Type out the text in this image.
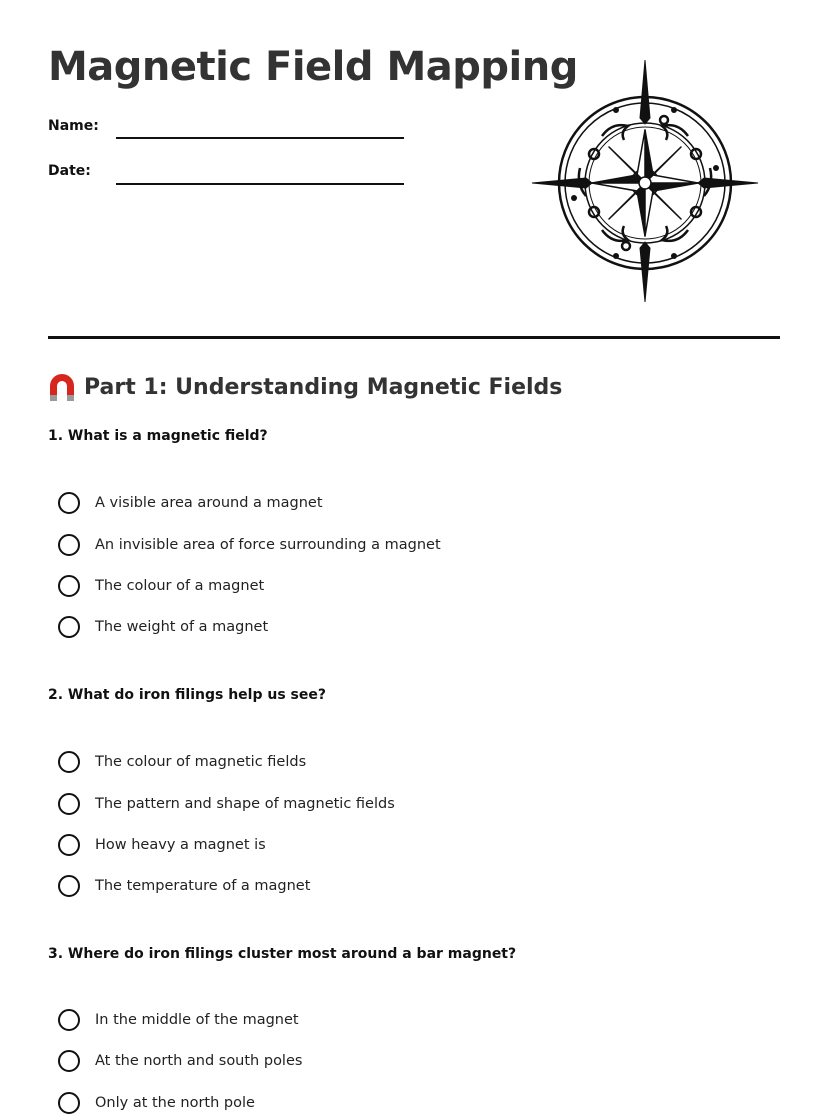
Magnetic Field Mapping
Name:
Date:
Part 1: Understanding Magnetic Fields
1. What is a magnetic field?
A visible area around a magnet
An invisible area of force surrounding a magnet
The colour of a magnet
The weight of a magnet
2. What do iron filings help us see?
The colour of magnetic fields
The pattern and shape of magnetic fields
How heavy a magnet is
The temperature of a magnet
3. Where do iron filings cluster most around a bar magnet?
In the middle of the magnet
At the north and south poles
Only at the north pole
